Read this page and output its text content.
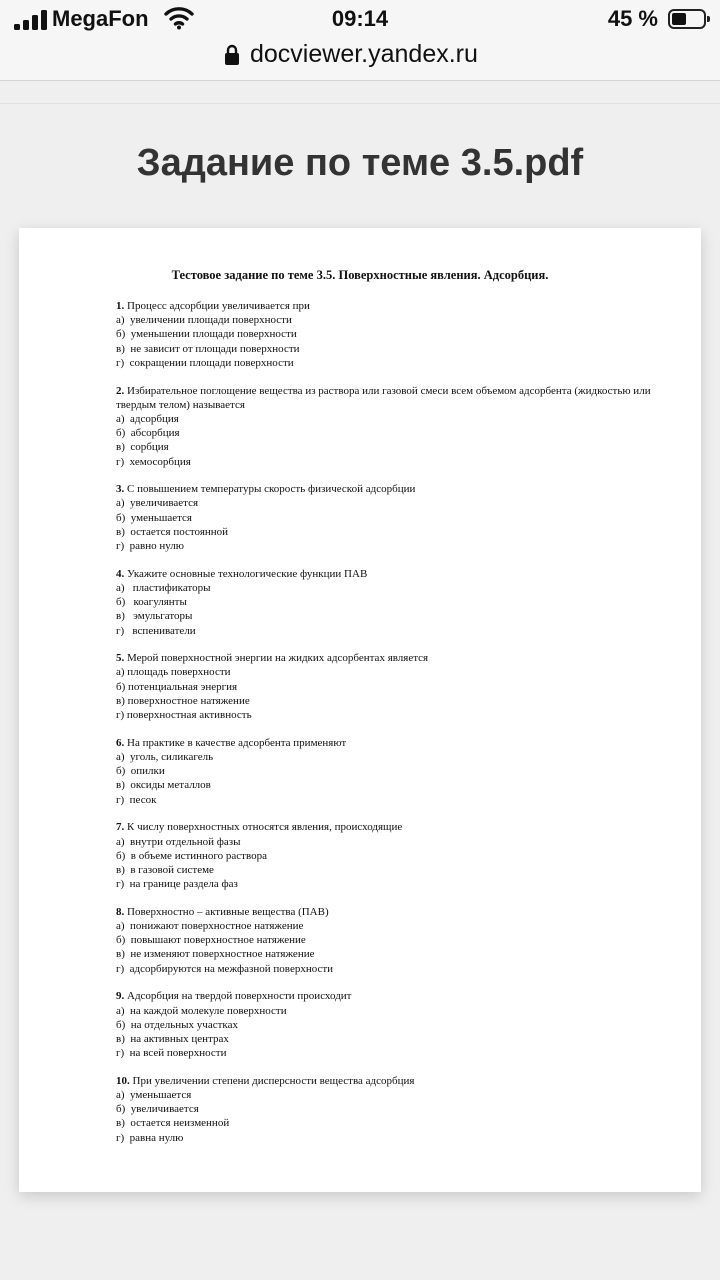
MegaFon	09:14	45 %
docviewer.yandex.ru
Задание по теме 3.5.pdf
Тестовое задание по теме 3.5. Поверхностные явления. Адсорбция.
1. Процесс адсорбции увеличивается при
а)  увеличении площади поверхности
б)  уменьшении площади поверхности
в)  не зависит от площади поверхности
г)  сокращении площади поверхности
2. Избирательное поглощение вещества из раствора или газовой смеси всем объемом адсорбента (жидкостью или твердым телом) называется
а)  адсорбция
б)  абсорбция
в)  сорбция
г)  хемосорбция
3. С повышением температуры скорость физической адсорбции
а)  увеличивается
б)  уменьшается
в)  остается постоянной
г)  равно нулю
4. Укажите основные технологические функции ПАВ
а)   пластификаторы
б)   коагулянты
в)   эмульгаторы
г)   вспениватели
5. Мерой поверхностной энергии на жидких адсорбентах является
а) площадь поверхности
б) потенциальная энергия
в) поверхностное натяжение
г) поверхностная активность
6. На практике в качестве адсорбента применяют
а)  уголь, силикагель
б)  опилки
в)  оксиды металлов
г)  песок
7. К числу поверхностных относятся явления, происходящие
а)  внутри отдельной фазы
б)  в объеме истинного раствора
в)  в газовой системе
г)  на границе раздела фаз
8. Поверхностно – активные вещества (ПАВ)
а)  понижают поверхностное натяжение
б)  повышают поверхностное натяжение
в)  не изменяют поверхностное натяжение
г)  адсорбируются на межфазной поверхности
9. Адсорбция на твердой поверхности происходит
а)  на каждой молекуле поверхности
б)  на отдельных участках
в)  на активных центрах
г)  на всей поверхности
10. При увеличении степени дисперсности вещества адсорбция
а)  уменьшается
б)  увеличивается
в)  остается неизменной
г)  равна нулю
